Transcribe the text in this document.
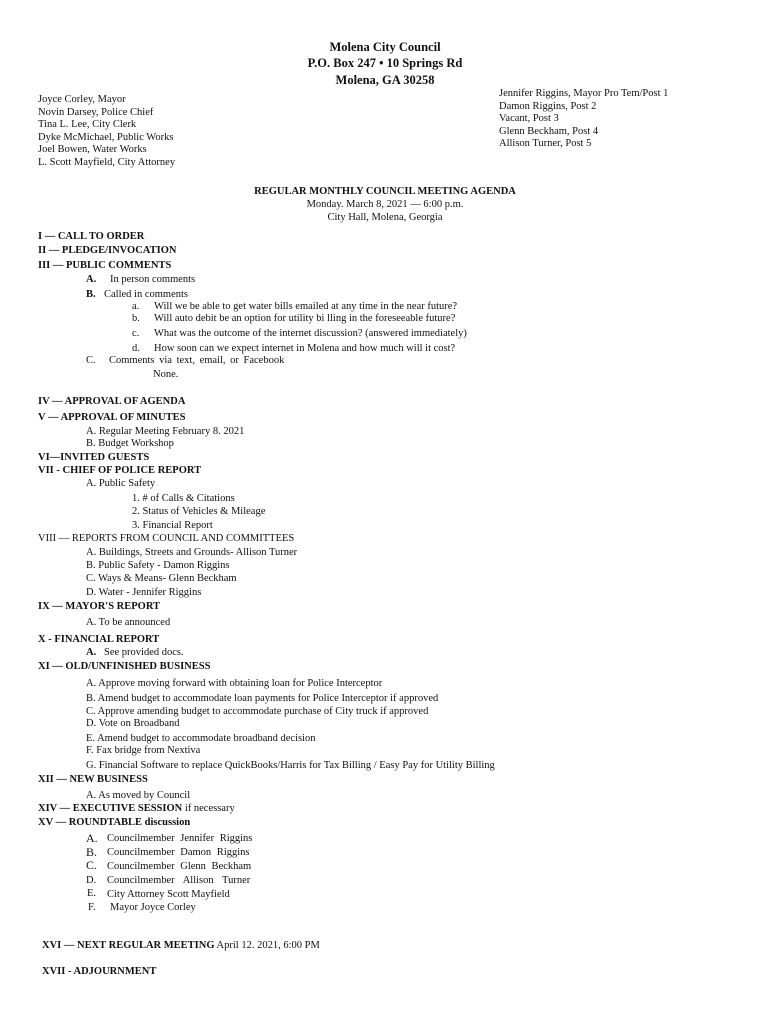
Molena City Council
P.O. Box 247 • 10 Springs Rd
Molena, GA 30258
Joyce Corley, Mayor
Novin Darsey, Police Chief
Tina L. Lee, City Clerk
Dyke McMichael, Public Works
Joel Bowen, Water Works
L. Scott Mayfield, City Attorney
Jennifer Riggins, Mayor Pro Tem/Post 1
Damon Riggins, Post 2
Vacant, Post 3
Glenn Beckham, Post 4
Allison Turner, Post 5
REGULAR MONTHLY COUNCIL MEETING AGENDA
Monday. March 8, 2021 — 6:00 p.m.
City Hall, Molena, Georgia
I — CALL TO ORDER
II — PLEDGE/INVOCATION
III — PUBLIC COMMENTS
A. In person comments
B. Called in comments
a. Will we be able to get water bills emailed at any time in the near future?
b. Will auto debit be an option for utility bi lling in the foreseeable future?
c. What was the outcome of the internet discussion? (answered immediately)
d. How soon can we expect internet in Molena and how much will it cost?
C. Comments via text, email, or Facebook
None.
IV — APPROVAL OF AGENDA
V — APPROVAL OF MINUTES
A. Regular Meeting February 8. 2021
B. Budget Workshop
VI—INVITED GUESTS
VII - CHIEF OF POLICE REPORT
A. Public Safety
1. # of Calls & Citations
2. Status of Vehicles & Mileage
3. Financial Report
VIII — REPORTS FROM COUNCIL AND COMMITTEES
A. Buildings, Streets and Grounds- Allison Turner
B. Public Safety - Damon Riggins
C. Ways & Means- Glenn Beckham
D. Water - Jennifer Riggins
IX — MAYOR'S REPORT
A. To be announced
X - FINANCIAL REPORT
A. See provided docs.
XI — OLD/UNFINISHED BUSINESS
A. Approve moving forward with obtaining loan for Police Interceptor
B. Amend budget to accommodate loan payments for Police Interceptor if approved
C. Approve amending budget to accommodate purchase of City truck if approved
D. Vote on Broadband
E. Amend budget to accommodate broadband decision
F. Fax bridge from Nextiva
G. Financial Software to replace QuickBooks/Harris for Tax Billing / Easy Pay for Utility Billing
XII — NEW BUSINESS
A. As moved by Council
XIV — EXECUTIVE SESSION if necessary
XV — ROUNDTABLE discussion
A. Councilmember Jennifer Riggins
B. Councilmember Damon Riggins
C. Councilmember Glenn Beckham
D. Councilmember Allison Turner
E. City Attorney Scott Mayfield
F. Mayor Joyce Corley
XVI — NEXT REGULAR MEETING April 12. 2021, 6:00 PM
XVII - ADJOURNMENT
